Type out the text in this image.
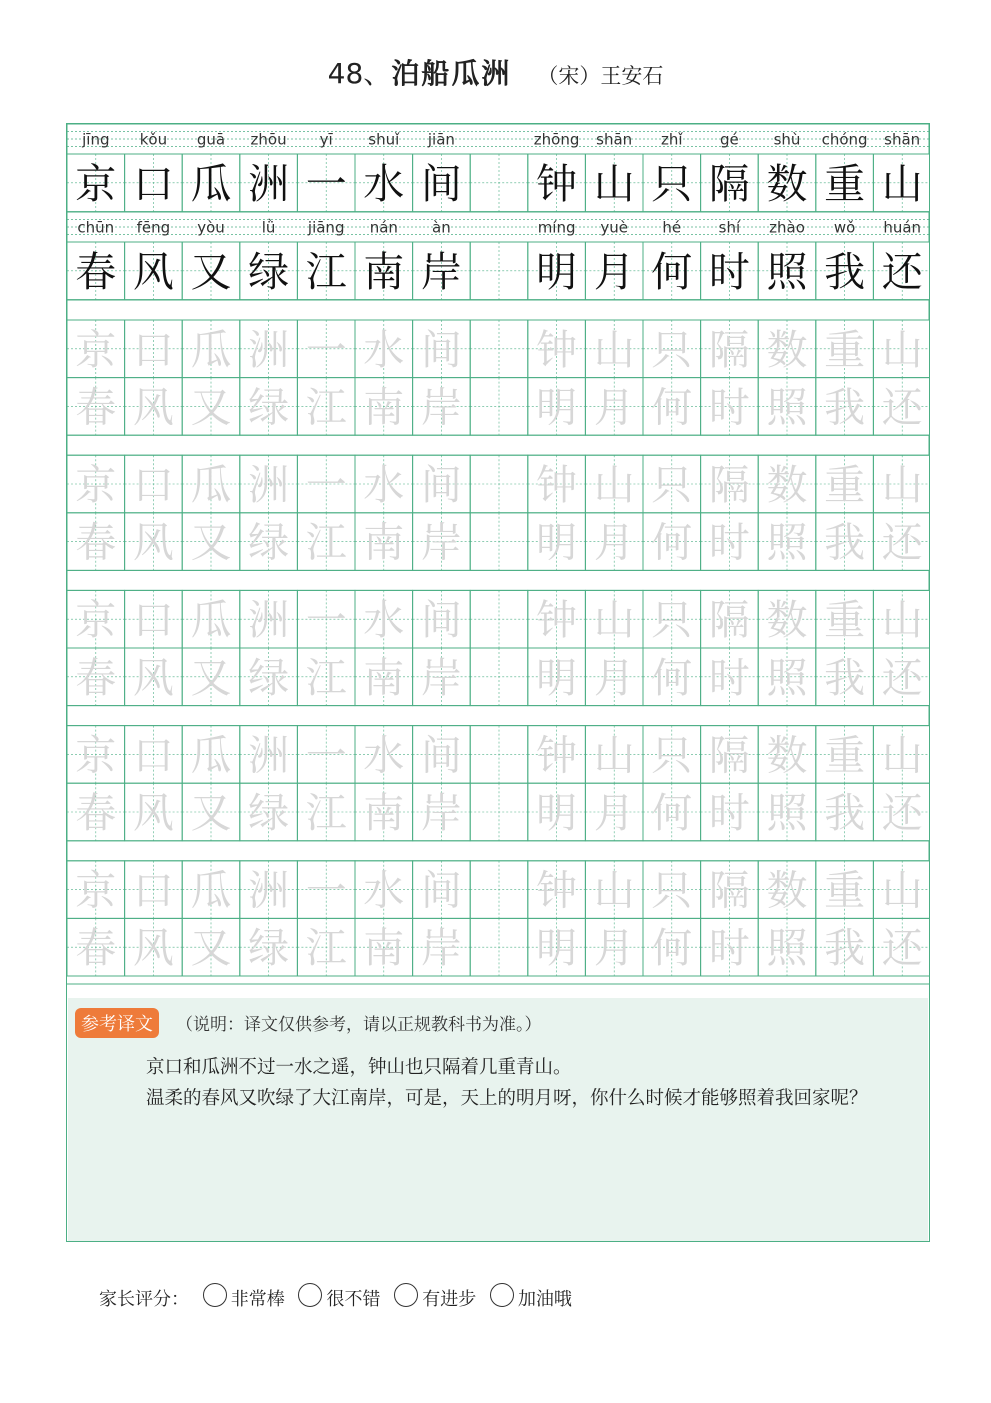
48、泊船瓜洲 （宋）王安石
jīng kǒu guā zhōu yī shuǐ jiān	zhōng shān zhǐ gé shù chóng shān
京 口 瓜 洲 一 水 间 钟 山 只 隔 数 重 山
chūn fēng yòu lǜ jiāng nán àn	míng yuè hé shí zhào wǒ huán
春 风 又 绿 江 南 岸 明 月 何 时 照 我 还
京 口 瓜 洲 一 水 间 钟 山 只 隔 数 重 山
春 风 又 绿 江 南 岸 明 月 何 时 照 我 还
京 口 瓜 洲 一 水 间 钟 山 只 隔 数 重 山
春 风 又 绿 江 南 岸 明 月 何 时 照 我 还
京 口 瓜 洲 一 水 间 钟 山 只 隔 数 重 山
春 风 又 绿 江 南 岸 明 月 何 时 照 我 还
京 口 瓜 洲 一 水 间 钟 山 只 隔 数 重 山
春 风 又 绿 江 南 岸 明 月 何 时 照 我 还
京 口 瓜 洲 一 水 间 钟 山 只 隔 数 重 山
春 风 又 绿 江 南 岸 明 月 何 时 照 我 还
参考译文	（说明：译文仅供参考，请以正规教科书为准。）

京口和瓜洲不过一水之遥，钟山也只隔着几重青山。

温柔的春风又吹绿了大江南岸，可是，天上的明月呀，你什么时候才能够照着我回家呢？

家长评分： 非常棒 很不错 有进步 加油哦
